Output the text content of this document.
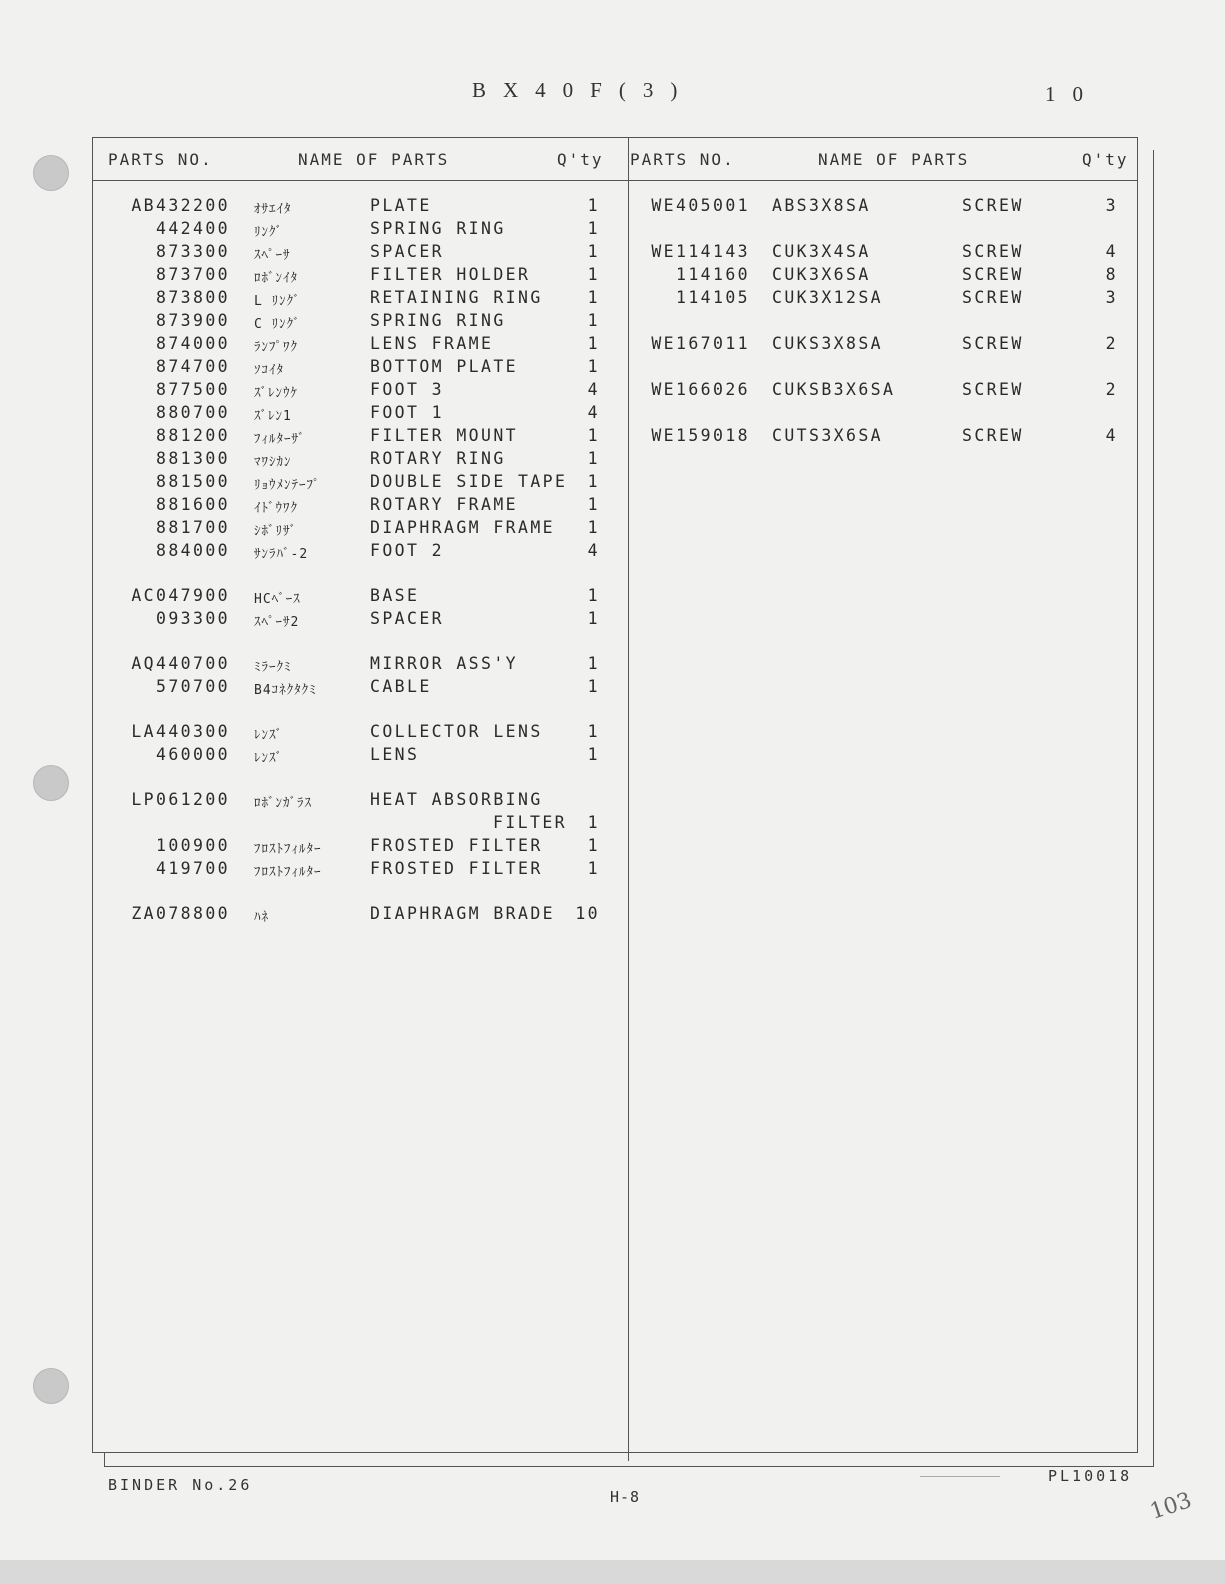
BX40F(3)	10
PARTS NO.	NAME OF PARTS	Q'ty PARTS NO.	NAME OF PARTS	Q'ty
AB432200 ｵｻｴｲﾀ	PLATE	1
442400 ﾘﾝｸﾞ	SPRING RING	1
873300 ｽﾍﾟｰｻ	SPACER	1
873700 ﾛﾎﾞﾝｲﾀ	FILTER HOLDER	1
873800 L ﾘﾝｸﾞ	RETAINING RING	1
873900 C ﾘﾝｸﾞ	SPRING RING	1
874000 ﾗﾝﾌﾟﾜｸ	LENS FRAME	1
874700 ｿｺｲﾀ	BOTTOM PLATE	1
877500 ｽﾞﾚﾝｳｹ	FOOT 3	4
880700 ｽﾞﾚﾝ1	FOOT 1	4
881200 ﾌｨﾙﾀｰｻﾞ	FILTER MOUNT	1
881300 ﾏﾜｼｶﾝ	ROTARY RING	1
881500 ﾘｮｳﾒﾝﾃｰﾌﾟ	DOUBLE SIDE TAPE	1
881600 ｲﾄﾞｳﾜｸ	ROTARY FRAME	1
881700 ｼﾎﾞﾘｻﾞ	DIAPHRAGM FRAME	1
884000 ｻﾝﾗﾊﾞ-2	FOOT 2	4
AC047900 HCﾍﾞｰｽ	BASE	1
093300 ｽﾍﾟｰｻ2	SPACER	1
AQ440700 ﾐﾗｰｸﾐ	MIRROR ASS'Y	1
570700 B4ｺﾈｸﾀｸﾐ	CABLE	1
LA440300 ﾚﾝｽﾞ	COLLECTOR LENS	1
460000 ﾚﾝｽﾞ	LENS	1
LP061200 ﾛﾎﾞﾝｶﾞﾗｽ	HEAT ABSORBING
FILTER	1
100900 ﾌﾛｽﾄﾌｨﾙﾀｰ	FROSTED FILTER	1
419700 ﾌﾛｽﾄﾌｨﾙﾀｰ	FROSTED FILTER	1
ZA078800 ﾊﾈ	DIAPHRAGM BRADE	10
WE405001 ABS3X8SA	SCREW	3
WE114143 CUK3X4SA	SCREW	4
114160 CUK3X6SA	SCREW	8
114105 CUK3X12SA	SCREW	3
WE167011 CUKS3X8SA	SCREW	2
WE166026 CUKSB3X6SA	SCREW	2
WE159018 CUTS3X6SA	SCREW	4
BINDER No.26
H-8
PL10018
103
